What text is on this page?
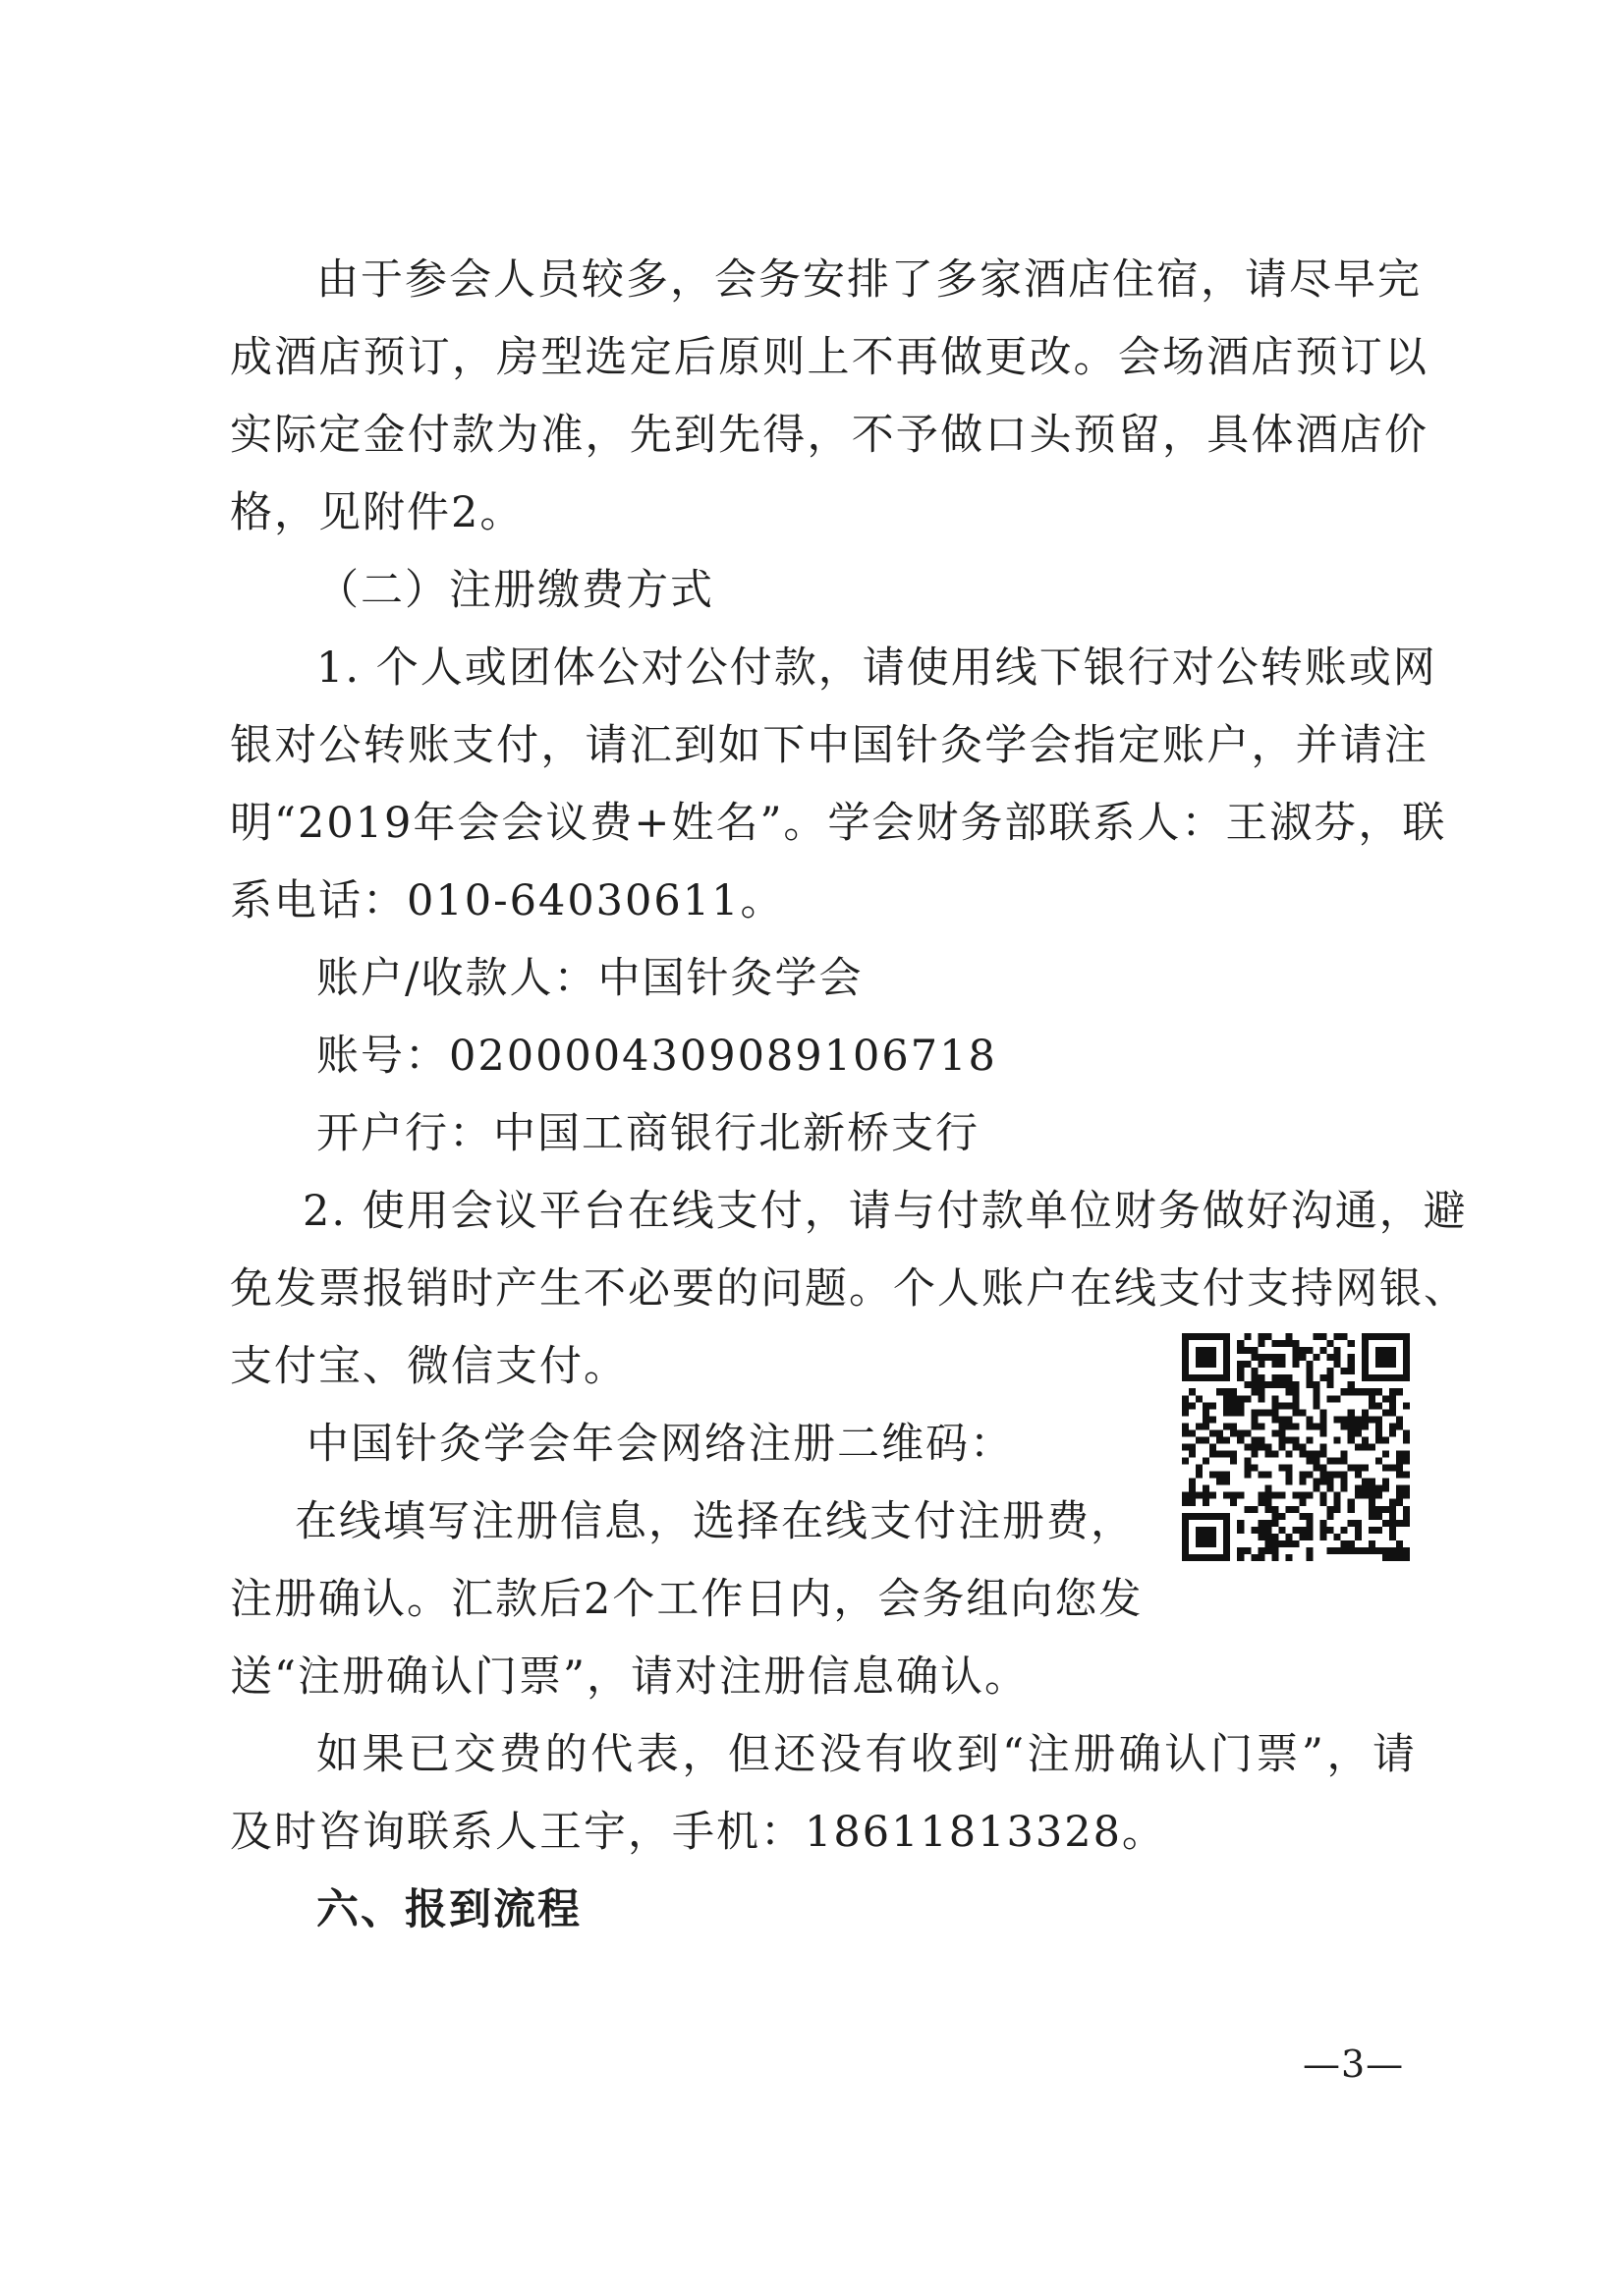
由于参会人员较多，会务安排了多家酒店住宿，请尽早完
成酒店预订，房型选定后原则上不再做更改。会场酒店预订以
实际定金付款为准，先到先得，不予做口头预留，具体酒店价
格，见附件2。
（二）注册缴费方式
1. 个人或团体公对公付款，请使用线下银行对公转账或网
银对公转账支付，请汇到如下中国针灸学会指定账户，并请注
明“2019年会会议费+姓名”。学会财务部联系人：王淑芬，联
系电话：010-64030611。
账户/收款人：中国针灸学会
账号：0200004309089106718
开户行：中国工商银行北新桥支行
2. 使用会议平台在线支付，请与付款单位财务做好沟通，避
免发票报销时产生不必要的问题。个人账户在线支付支持网银、
支付宝、微信支付。
中国针灸学会年会网络注册二维码：
在线填写注册信息，选择在线支付注册费，
注册确认。汇款后2个工作日内，会务组向您发
送“注册确认门票”，请对注册信息确认。
如果已交费的代表，但还没有收到“注册确认门票”，请
及时咨询联系人王宇，手机：18611813328。
六、报到流程
—3—
